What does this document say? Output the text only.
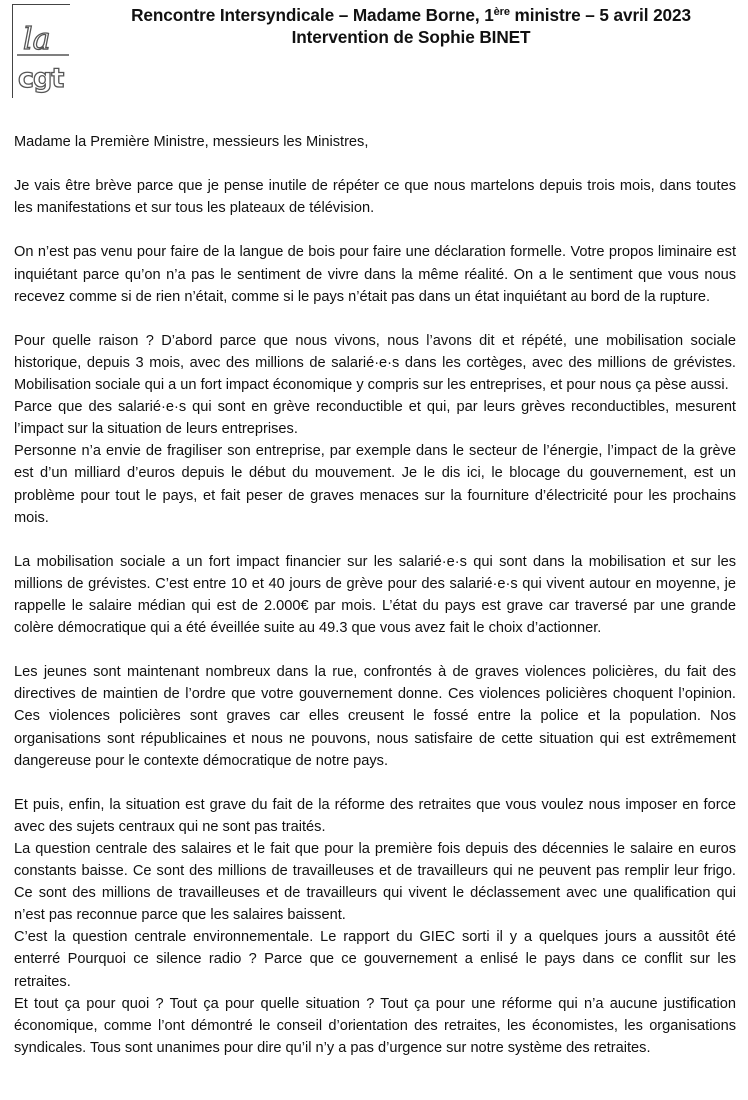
la
cgt
Rencontre Intersyndicale – Madame Borne, 1ère ministre – 5 avril 2023
Intervention de Sophie BINET

Madame la Première Ministre, messieurs les Ministres,

Je vais être brève parce que je pense inutile de répéter ce que nous martelons depuis trois mois, dans toutes les manifestations et sur tous les plateaux de télévision.

On n’est pas venu pour faire de la langue de bois pour faire une déclaration formelle. Votre propos liminaire est inquiétant parce qu’on n’a pas le sentiment de vivre dans la même réalité. On a le sentiment que vous nous recevez comme si de rien n’était, comme si le pays n’était pas dans un état inquiétant au bord de la rupture.

Pour quelle raison ? D’abord parce que nous vivons, nous l’avons dit et répété, une mobilisation sociale historique, depuis 3 mois, avec des millions de salarié·e·s dans les cortèges, avec des millions de grévistes. Mobilisation sociale qui a un fort impact économique y compris sur les entreprises, et pour nous ça pèse aussi.

Parce que des salarié·e·s qui sont en grève reconductible et qui, par leurs grèves reconductibles, mesurent l’impact sur la situation de leurs entreprises.

Personne n’a envie de fragiliser son entreprise, par exemple dans le secteur de l’énergie, l’impact de la grève est d’un milliard d’euros depuis le début du mouvement. Je le dis ici, le blocage du gouvernement, est un problème pour tout le pays, et fait peser de graves menaces sur la fourniture d’électricité pour les prochains mois.

La mobilisation sociale a un fort impact financier sur les salarié·e·s qui sont dans la mobilisation et sur les millions de grévistes. C’est entre 10 et 40 jours de grève pour des salarié·e·s qui vivent autour en moyenne, je rappelle le salaire médian qui est de 2.000€ par mois. L’état du pays est grave car traversé par une grande colère démocratique qui a été éveillée suite au 49.3 que vous avez fait le choix d’actionner.

Les jeunes sont maintenant nombreux dans la rue, confrontés à de graves violences policières, du fait des directives de maintien de l’ordre que votre gouvernement donne. Ces violences policières choquent l’opinion. Ces violences policières sont graves car elles creusent le fossé entre la police et la population. Nos organisations sont républicaines et nous ne pouvons, nous satisfaire de cette situation qui est extrêmement dangereuse pour le contexte démocratique de notre pays.

Et puis, enfin, la situation est grave du fait de la réforme des retraites que vous voulez nous imposer en force avec des sujets centraux qui ne sont pas traités.

La question centrale des salaires et le fait que pour la première fois depuis des décennies le salaire en euros constants baisse. Ce sont des millions de travailleuses et de travailleurs qui ne peuvent pas remplir leur frigo. Ce sont des millions de travailleuses et de travailleurs qui vivent le déclassement avec une qualification qui n’est pas reconnue parce que les salaires baissent.

C’est la question centrale environnementale. Le rapport du GIEC sorti il y a quelques jours a aussitôt été enterré Pourquoi ce silence radio ? Parce que ce gouvernement a enlisé le pays dans ce conflit sur les retraites.

Et tout ça pour quoi ? Tout ça pour quelle situation ? Tout ça pour une réforme qui n’a aucune justification économique, comme l’ont démontré le conseil d’orientation des retraites, les économistes, les organisations syndicales. Tous sont unanimes pour dire qu’il n’y a pas d’urgence sur notre système des retraites.
